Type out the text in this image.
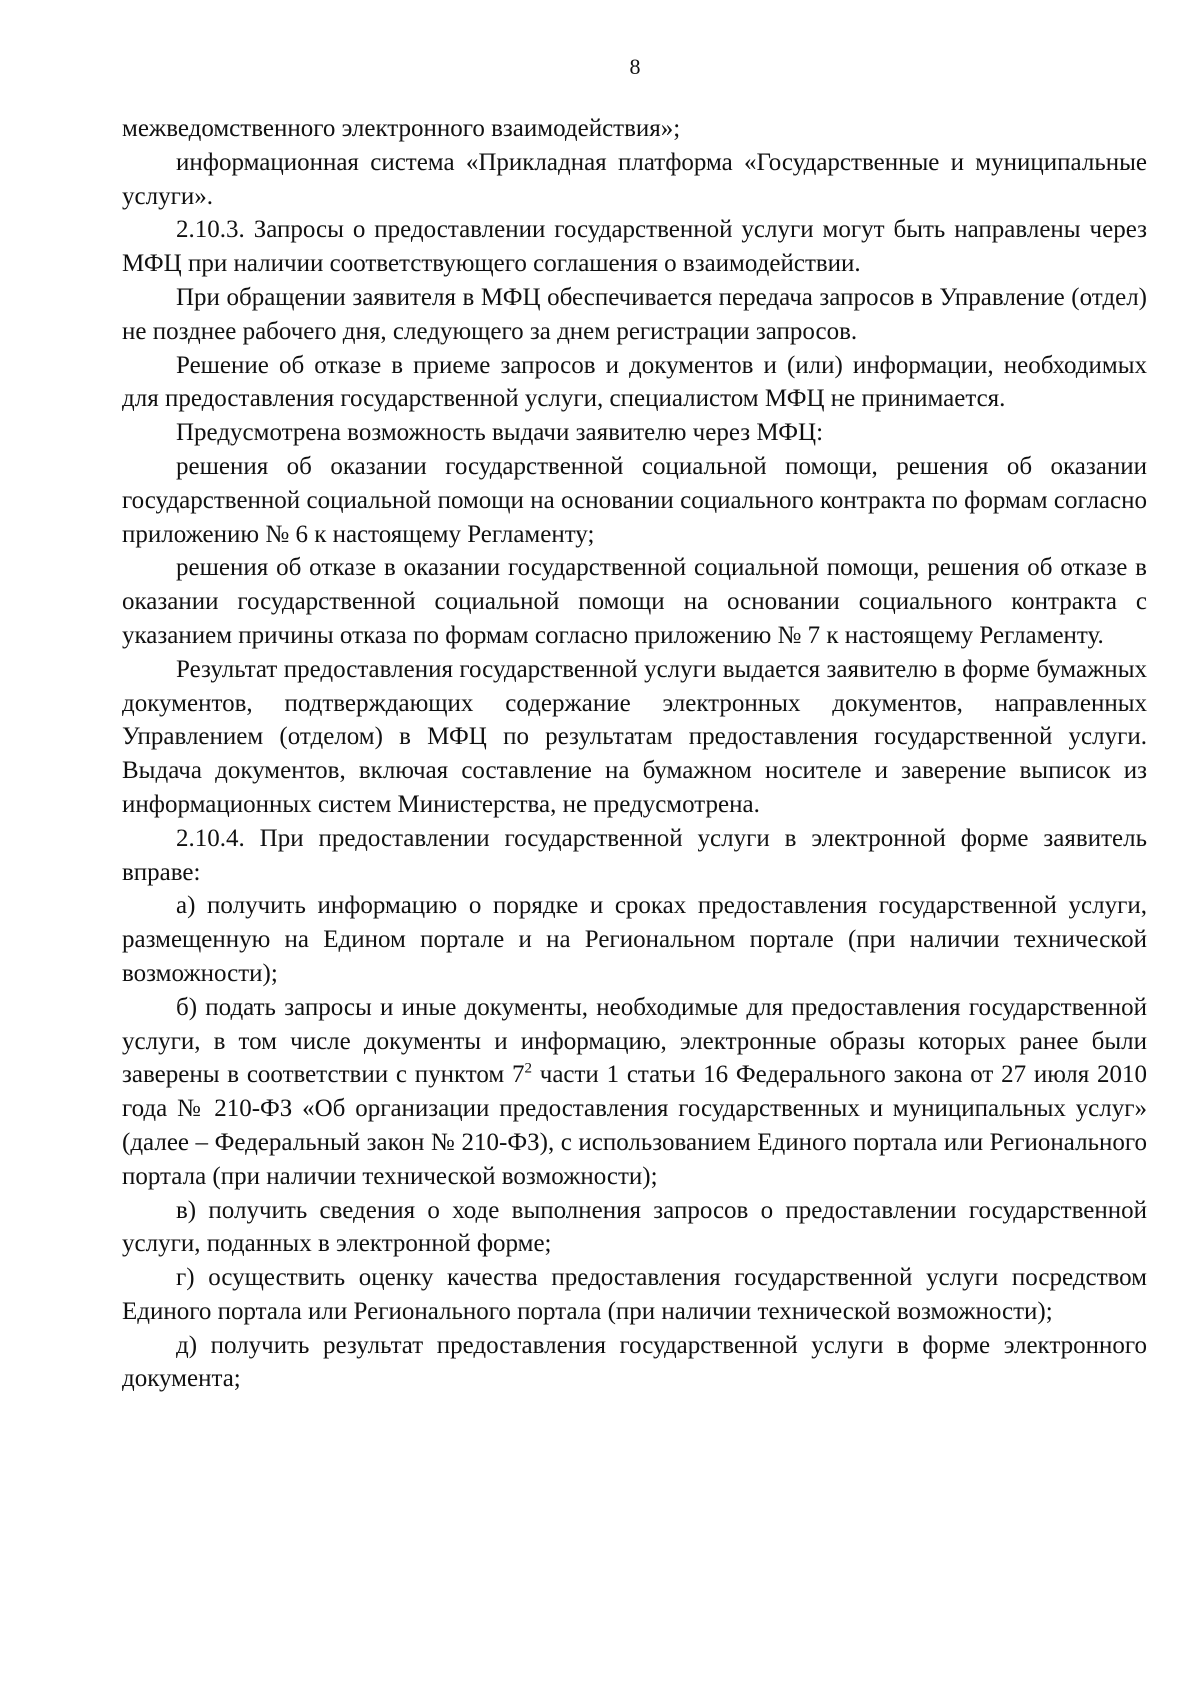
8

межведомственного электронного взаимодействия»;

информационная система «Прикладная платформа «Государственные и муниципальные услуги».

2.10.3. Запросы о предоставлении государственной услуги могут быть направлены через МФЦ при наличии соответствующего соглашения о взаимодействии.

При обращении заявителя в МФЦ обеспечивается передача запросов в Управление (отдел) не позднее рабочего дня, следующего за днем регистрации запросов.

Решение об отказе в приеме запросов и документов и (или) информации, необходимых для предоставления государственной услуги, специалистом МФЦ не принимается.

Предусмотрена возможность выдачи заявителю через МФЦ:

решения об оказании государственной социальной помощи, решения об оказании государственной социальной помощи на основании социального контракта по формам согласно приложению № 6 к настоящему Регламенту;

решения об отказе в оказании государственной социальной помощи, решения об отказе в оказании государственной социальной помощи на основании социального контракта с указанием причины отказа по формам согласно приложению № 7 к настоящему Регламенту.

Результат предоставления государственной услуги выдается заявителю в форме бумажных документов, подтверждающих содержание электронных документов, направленных Управлением (отделом) в МФЦ по результатам предоставления государственной услуги. Выдача документов, включая составление на бумажном носителе и заверение выписок из информационных систем Министерства, не предусмотрена.

2.10.4. При предоставлении государственной услуги в электронной форме заявитель вправе:

а) получить информацию о порядке и сроках предоставления государственной услуги, размещенную на Едином портале и на Региональном портале (при наличии технической возможности);

б) подать запросы и иные документы, необходимые для предоставления государственной услуги, в том числе документы и информацию, электронные образы которых ранее были заверены в соответствии с пунктом $7^2$ части 1 статьи 16 Федерального закона от 27 июля 2010 года № 210-ФЗ «Об организации предоставления государственных и муниципальных услуг» (далее – Федеральный закон № 210-ФЗ), с использованием Единого портала или Регионального портала (при наличии технической возможности);

в) получить сведения о ходе выполнения запросов о предоставлении государственной услуги, поданных в электронной форме;

г) осуществить оценку качества предоставления государственной услуги посредством Единого портала или Регионального портала (при наличии технической возможности);

д) получить результат предоставления государственной услуги в форме электронного документа;
